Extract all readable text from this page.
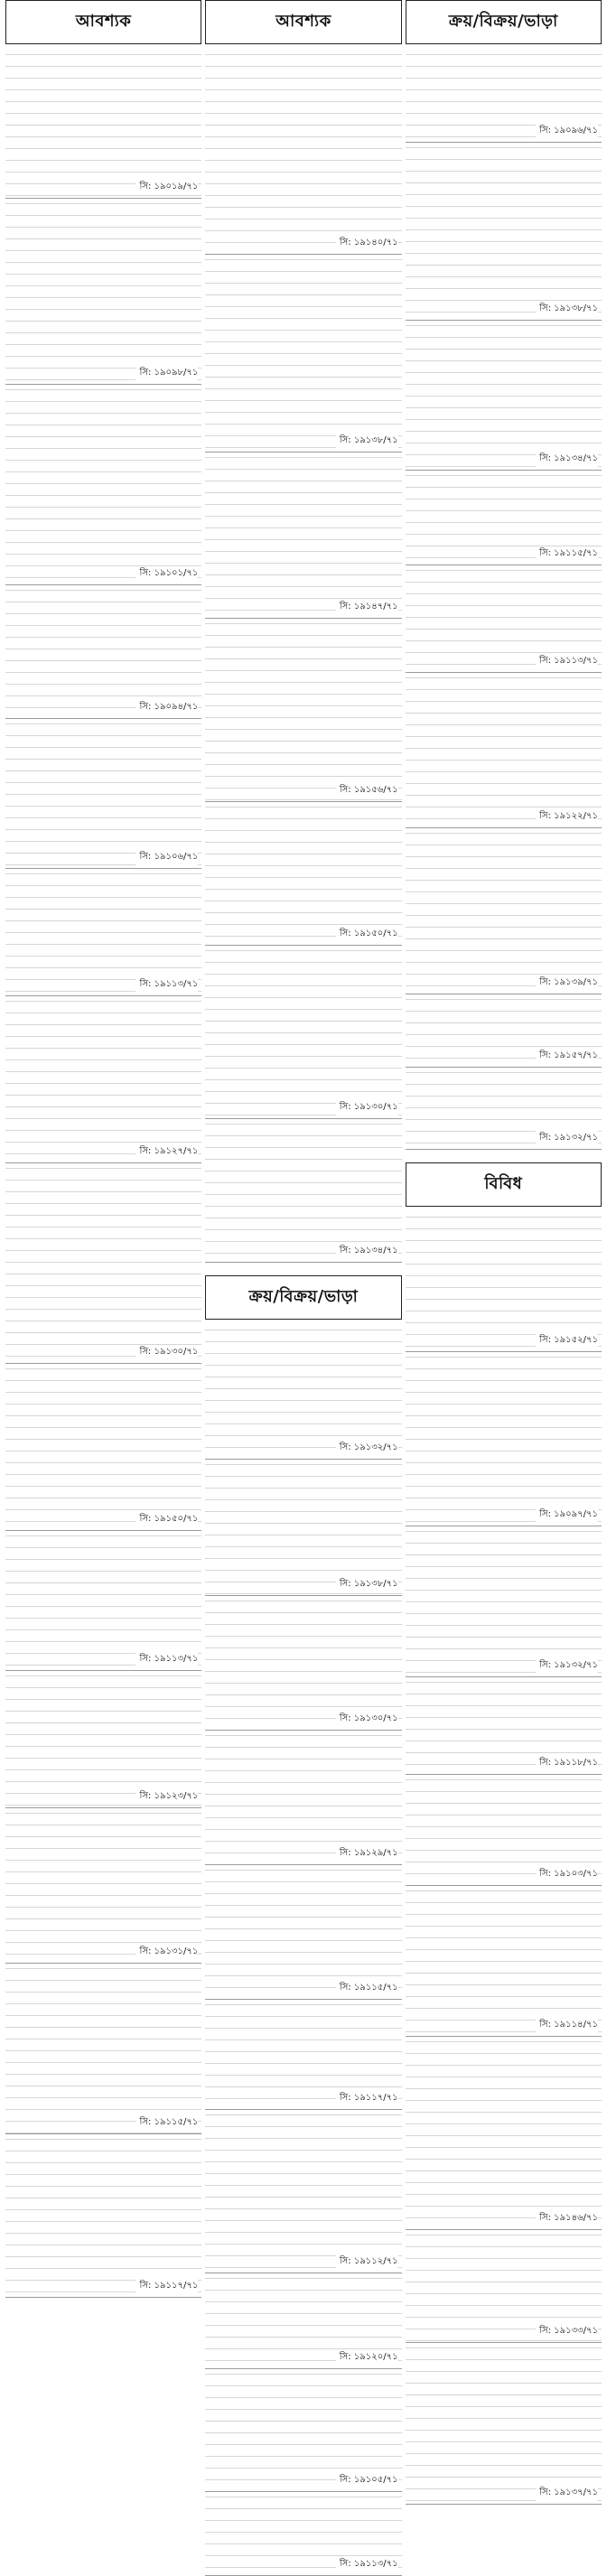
আবশ্যক
সি: ১৯০১৯/৭১
সি: ১৯০৯৮/৭১
সি: ১৯১০১/৭১
সি: ১৯০৯৪/৭১
সি: ১৯১০৬/৭১
সি: ১৯১১৩/৭১
সি: ১৯১২৭/৭১
সি: ১৯১৩০/৭১
সি: ১৯১৫০/৭১
সি: ১৯১১৩/৭১
সি: ১৯১২৩/৭১
সি: ১৯১৩১/৭১
সি: ১৯১১৫/৭১
সি: ১৯১১৭/৭১
আবশ্যক
সি: ১৯১৪০/৭১
সি: ১৯১৩৮/৭১
সি: ১৯১৪৭/৭১
সি: ১৯১৫৬/৭১
সি: ১৯১৫০/৭১
সি: ১৯১৩০/৭১
সি: ১৯১৩৪/৭১
ক্রয়/বিক্রয়/ভাড়া
সি: ১৯১৩২/৭১
সি: ১৯১৩৮/৭১
সি: ১৯১৩০/৭১
সি: ১৯১২৯/৭১
সি: ১৯১১৫/৭১
সি: ১৯১১৭/৭১
সি: ১৯১১২/৭১
সি: ১৯১২০/৭১
সি: ১৯১০৫/৭১
সি: ১৯১১৩/৭১
ক্রয়/বিক্রয়/ভাড়া
সি: ১৯০৯৬/৭১
সি: ১৯১৩৮/৭১
সি: ১৯১৩৪/৭১
সি: ১৯১১৫/৭১
সি: ১৯১১৩/৭১
সি: ১৯১২২/৭১
সি: ১৯১৩৯/৭১
সি: ১৯১৫৭/৭১
সি: ১৯১৩২/৭১
বিবিধ
সি: ১৯১৫২/৭১
সি: ১৯০৯৭/৭১
সি: ১৯১৩২/৭১
সি: ১৯১১৮/৭১
সি: ১৯১০৩/৭১
সি: ১৯১১৪/৭১
সি: ১৯১৪৬/৭১
সি: ১৯১৩৩/৭১
সি: ১৯১৩৭/৭১
